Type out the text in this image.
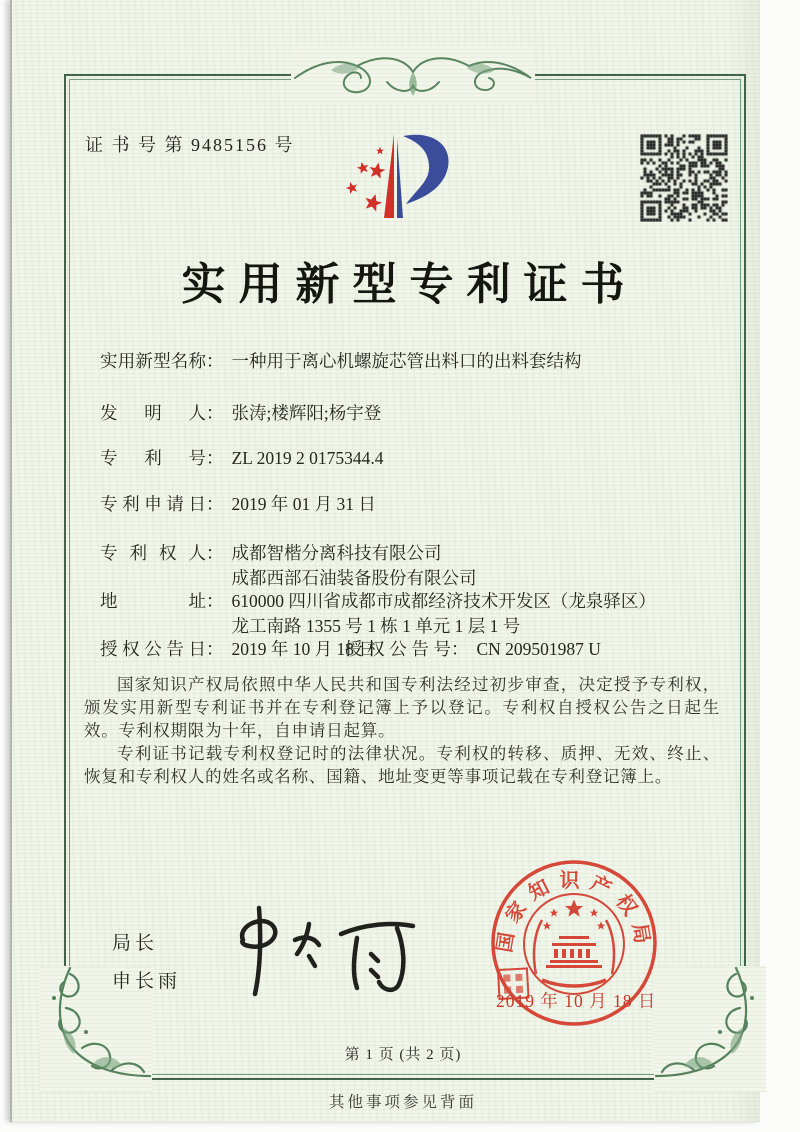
证 书 号 第 9485156 号
实用新型专利证书
实用新型名称 ： 一种用于离心机螺旋芯管出料口的出料套结构
发明人 ： 张涛;楼辉阳;杨宇登
专利号 ： ZL 2019 2 0175344.4
专利申请日 ： 2019 年 01 月 31 日
专利权人 ： 成都智楷分离科技有限公司
成都西部石油装备股份有限公司
地址 ： 610000 四川省成都市成都经济技术开发区（龙泉驿区）
龙工南路 1355 号 1 栋 1 单元 1 层 1 号
授权公告日 ： 2019 年 10 月 18 日
授权公告号 ： CN 209501987 U
国家知识产权局依照中华人民共和国专利法经过初步审查，决定授予专利权，颁发实用新型专利证书并在专利登记簿上予以登记。专利权自授权公告之日起生效。专利权期限为十年，自申请日起算。
专利证书记载专利权登记时的法律状况。专利权的转移、质押、无效、终止、恢复和专利权人的姓名或名称、国籍、地址变更等事项记载在专利登记簿上。
局长
申长雨
国家知识产权局
2019 年 10 月 18 日
第 1 页 (共 2 页)
其他事项参见背面
